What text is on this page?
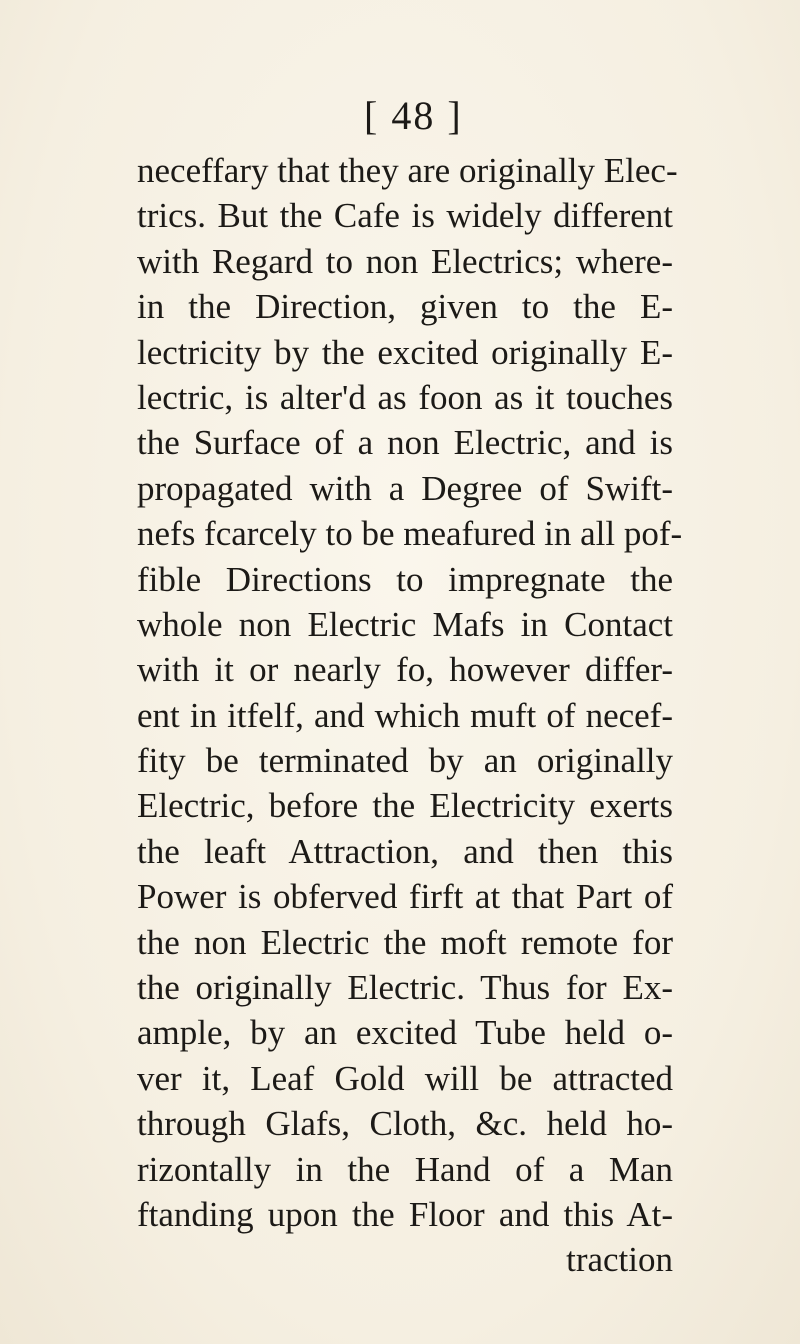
[ 48 ]
neceffary that they are originally Elec-
trics. But the Cafe is widely different
with Regard to non Electrics; where-
in the Direction, given to the E-
lectricity by the excited originally E-
lectric, is alter'd as foon as it touches
the Surface of a non Electric, and is
propagated with a Degree of Swift-
nefs fcarcely to be meafured in all pof-
fible Directions to impregnate the
whole non Electric Mafs in Contact
with it or nearly fo, however differ-
ent in itfelf, and which muft of necef-
fity be terminated by an originally
Electric, before the Electricity exerts
the leaft Attraction, and then this
Power is obferved firft at that Part of
the non Electric the moft remote for
the originally Electric. Thus for Ex-
ample, by an excited Tube held o-
ver it, Leaf Gold will be attracted
through Glafs, Cloth, &c. held ho-
rizontally in the Hand of a Man
ftanding upon the Floor and this At-
traction
